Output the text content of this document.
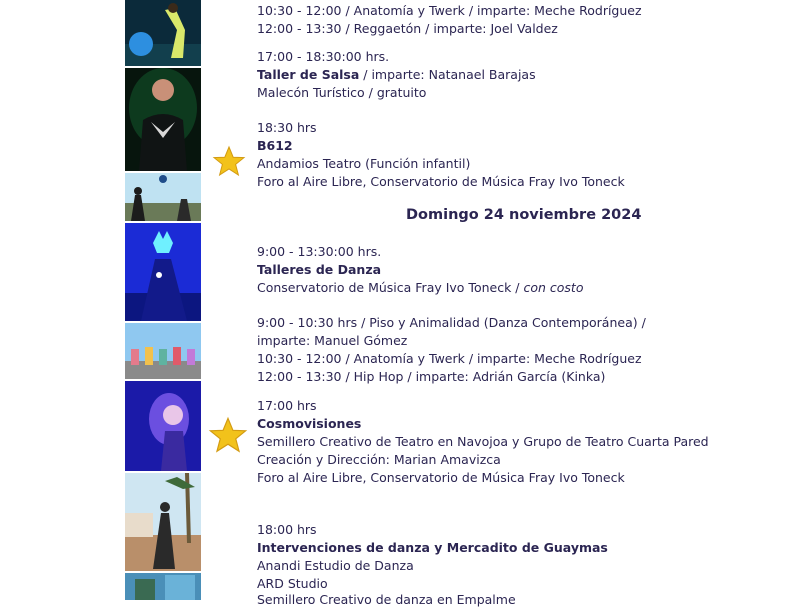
10:30 - 12:00 / Anatomía y Twerk / imparte: Meche Rodríguez
12:00 - 13:30 / Reggaetón / imparte: Joel Valdez
17:00 - 18:30:00 hrs.
Taller de Salsa / imparte: Natanael Barajas
Malecón Turístico / gratuito
18:30 hrs
B612
Andamios Teatro (Función infantil)
Foro al Aire Libre, Conservatorio de Música Fray Ivo Toneck
Domingo 24 noviembre 2024
9:00 - 13:30:00 hrs.
Talleres de Danza
Conservatorio de Música Fray Ivo Toneck / con costo
9:00 - 10:30 hrs / Piso y Animalidad (Danza Contemporánea) /
imparte: Manuel Gómez
10:30 - 12:00 / Anatomía y Twerk / imparte: Meche Rodríguez
12:00 - 13:30 / Hip Hop / imparte: Adrián García (Kinka)
17:00 hrs
Cosmovisiones
Semillero Creativo de Teatro en Navojoa y Grupo de Teatro Cuarta Pared
Creación y Dirección: Marian Amavizca
Foro al Aire Libre, Conservatorio de Música Fray Ivo Toneck
18:00 hrs
Intervenciones de danza y Mercadito de Guaymas
Anandi Estudio de Danza
ARD Studio
Semillero Creativo de danza en Empalme
